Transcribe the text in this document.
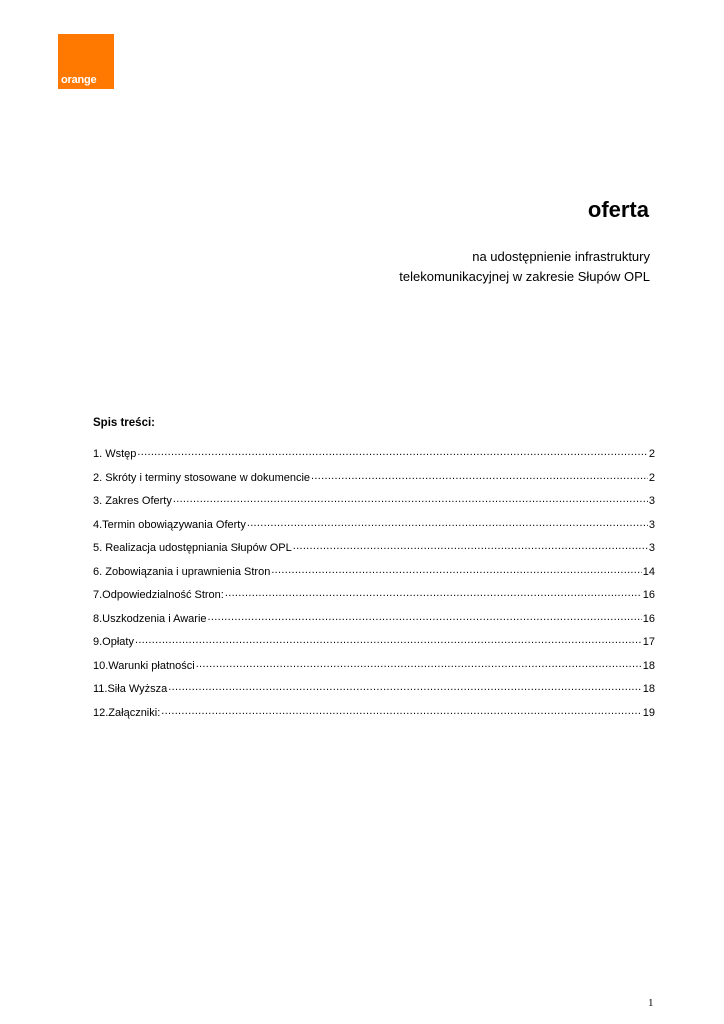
orange
oferta
na udostępnienie infrastruktury
telekomunikacyjnej w zakresie Słupów OPL
Spis treści:
1. Wstęp .....	2
2. Skróty i terminy stosowane w dokumencie .....	2
3. Zakres Oferty .....	3
4.Termin obowiązywania Oferty .....	3
5. Realizacja udostępniania Słupów OPL .....	3
6. Zobowiązania i uprawnienia Stron .....	14
7.Odpowiedzialność Stron: .....	16
8.Uszkodzenia i Awarie .....	16
9.Opłaty .....	17
10.Warunki płatności .....	18
11.Siła Wyższa .....	18
12.Załączniki: .....	19
1
